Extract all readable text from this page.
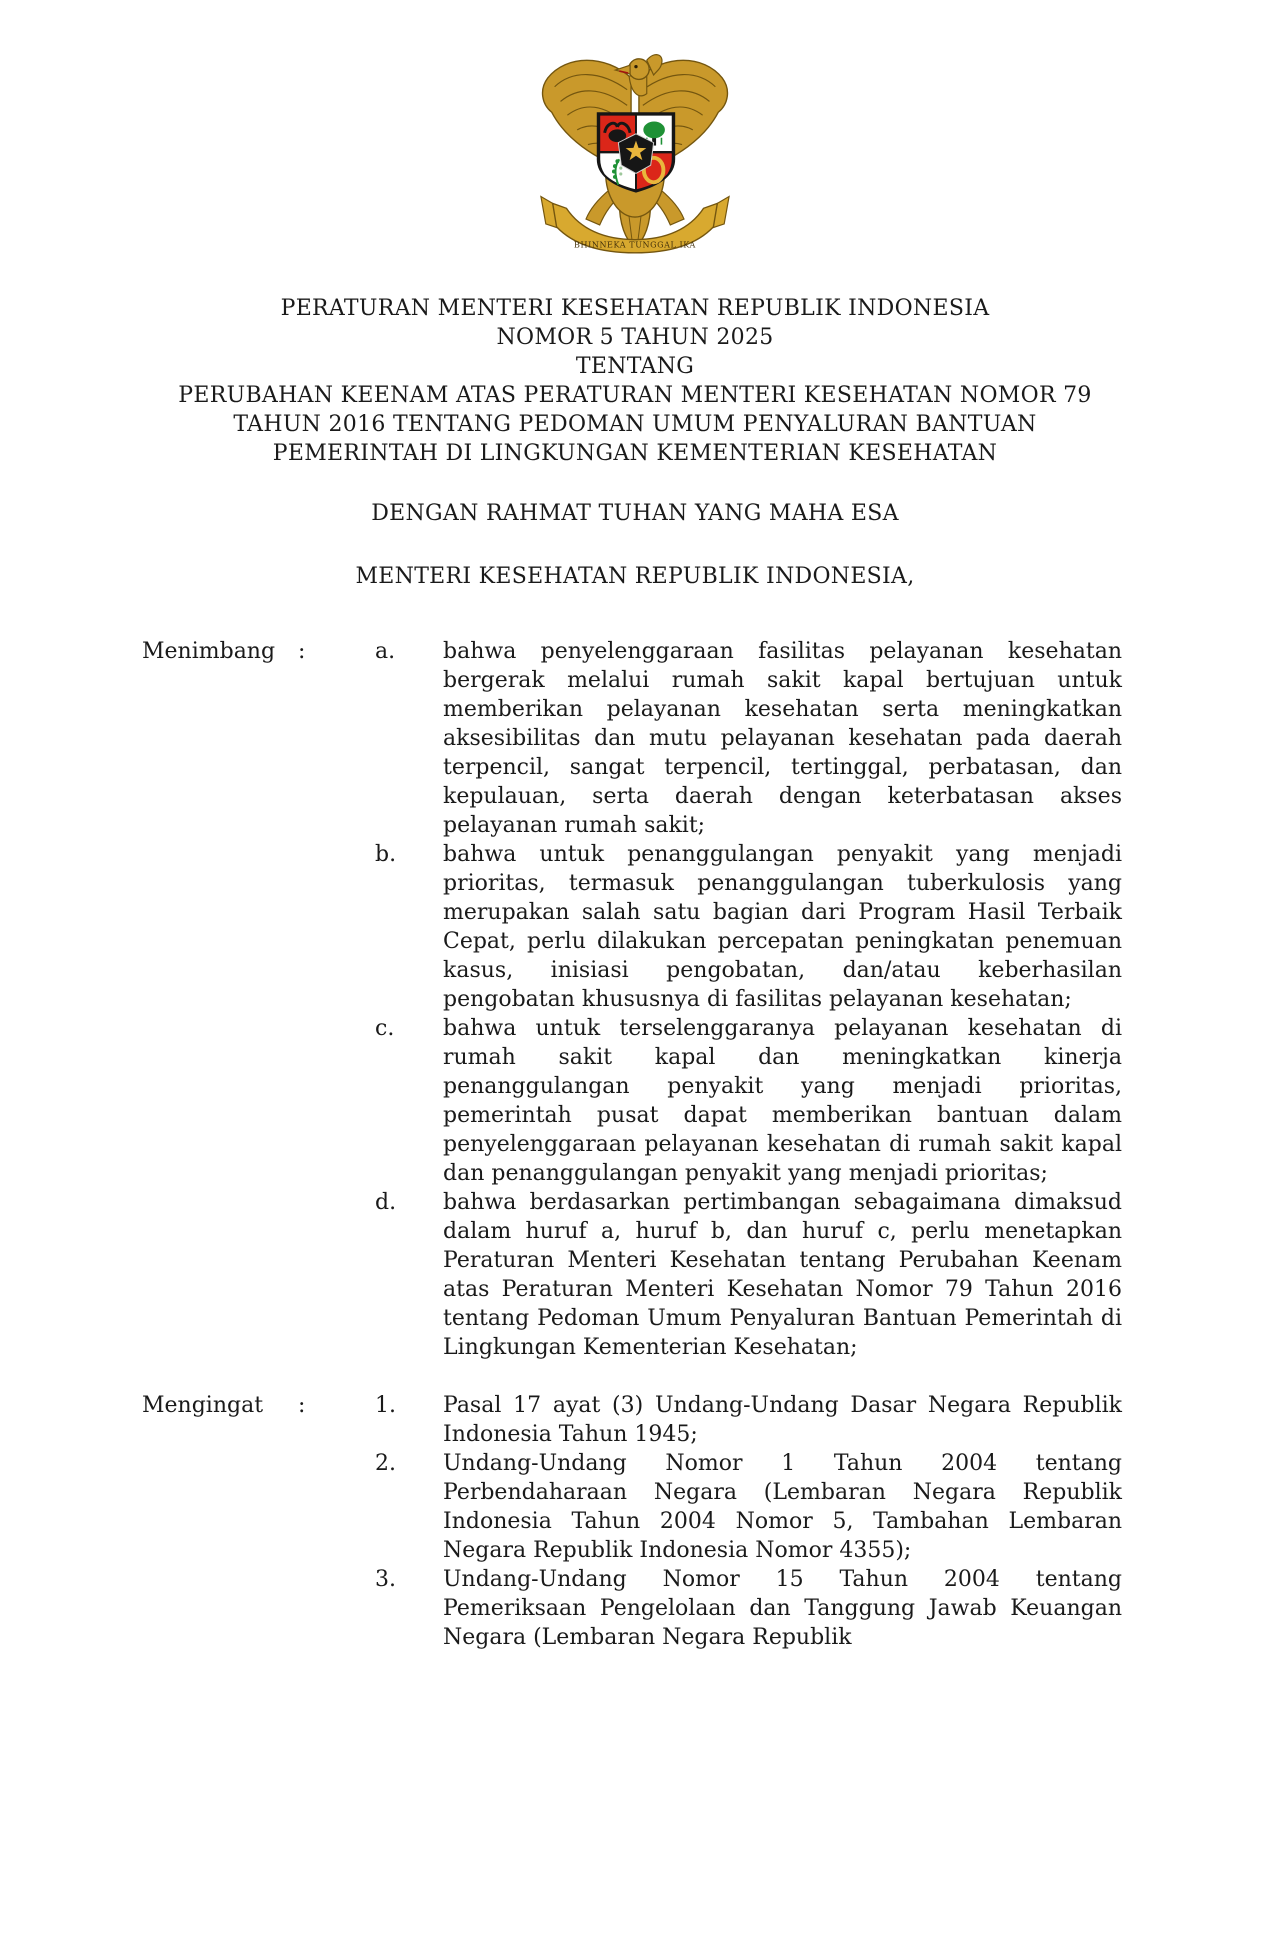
BHINNEKA TUNGGAL IKA
PERATURAN MENTERI KESEHATAN REPUBLIK INDONESIA
NOMOR 5 TAHUN 2025
TENTANG
PERUBAHAN KEENAM ATAS PERATURAN MENTERI KESEHATAN NOMOR 79
TAHUN 2016 TENTANG PEDOMAN UMUM PENYALURAN BANTUAN
PEMERINTAH DI LINGKUNGAN KEMENTERIAN KESEHATAN
DENGAN RAHMAT TUHAN YANG MAHA ESA
MENTERI KESEHATAN REPUBLIK INDONESIA,
Menimbang	:	a.	bahwa penyelenggaraan fasilitas pelayanan kesehatan bergerak melalui rumah sakit kapal bertujuan untuk memberikan pelayanan kesehatan serta meningkatkan aksesibilitas dan mutu pelayanan kesehatan pada daerah terpencil, sangat terpencil, tertinggal, perbatasan, dan kepulauan, serta daerah dengan keterbatasan akses pelayanan rumah sakit;
b.	bahwa untuk penanggulangan penyakit yang menjadi prioritas, termasuk penanggulangan tuberkulosis yang merupakan salah satu bagian dari Program Hasil Terbaik Cepat, perlu dilakukan percepatan peningkatan penemuan kasus, inisiasi pengobatan, dan/atau keberhasilan pengobatan khususnya di fasilitas pelayanan kesehatan;
c.	bahwa untuk terselenggaranya pelayanan kesehatan di rumah sakit kapal dan meningkatkan kinerja penanggulangan penyakit yang menjadi prioritas, pemerintah pusat dapat memberikan bantuan dalam penyelenggaraan pelayanan kesehatan di rumah sakit kapal dan penanggulangan penyakit yang menjadi prioritas;
d.	bahwa berdasarkan pertimbangan sebagaimana dimaksud dalam huruf a, huruf b, dan huruf c, perlu menetapkan Peraturan Menteri Kesehatan tentang Perubahan Keenam atas Peraturan Menteri Kesehatan Nomor 79 Tahun 2016 tentang Pedoman Umum Penyaluran Bantuan Pemerintah di Lingkungan Kementerian Kesehatan;
Mengingat	:	1.	Pasal 17 ayat (3) Undang-Undang Dasar Negara Republik Indonesia Tahun 1945;
2.	Undang-Undang Nomor 1 Tahun 2004 tentang Perbendaharaan Negara (Lembaran Negara Republik Indonesia Tahun 2004 Nomor 5, Tambahan Lembaran Negara Republik Indonesia Nomor 4355);
3.	Undang-Undang Nomor 15 Tahun 2004 tentang Pemeriksaan Pengelolaan dan Tanggung Jawab Keuangan Negara (Lembaran Negara Republik
